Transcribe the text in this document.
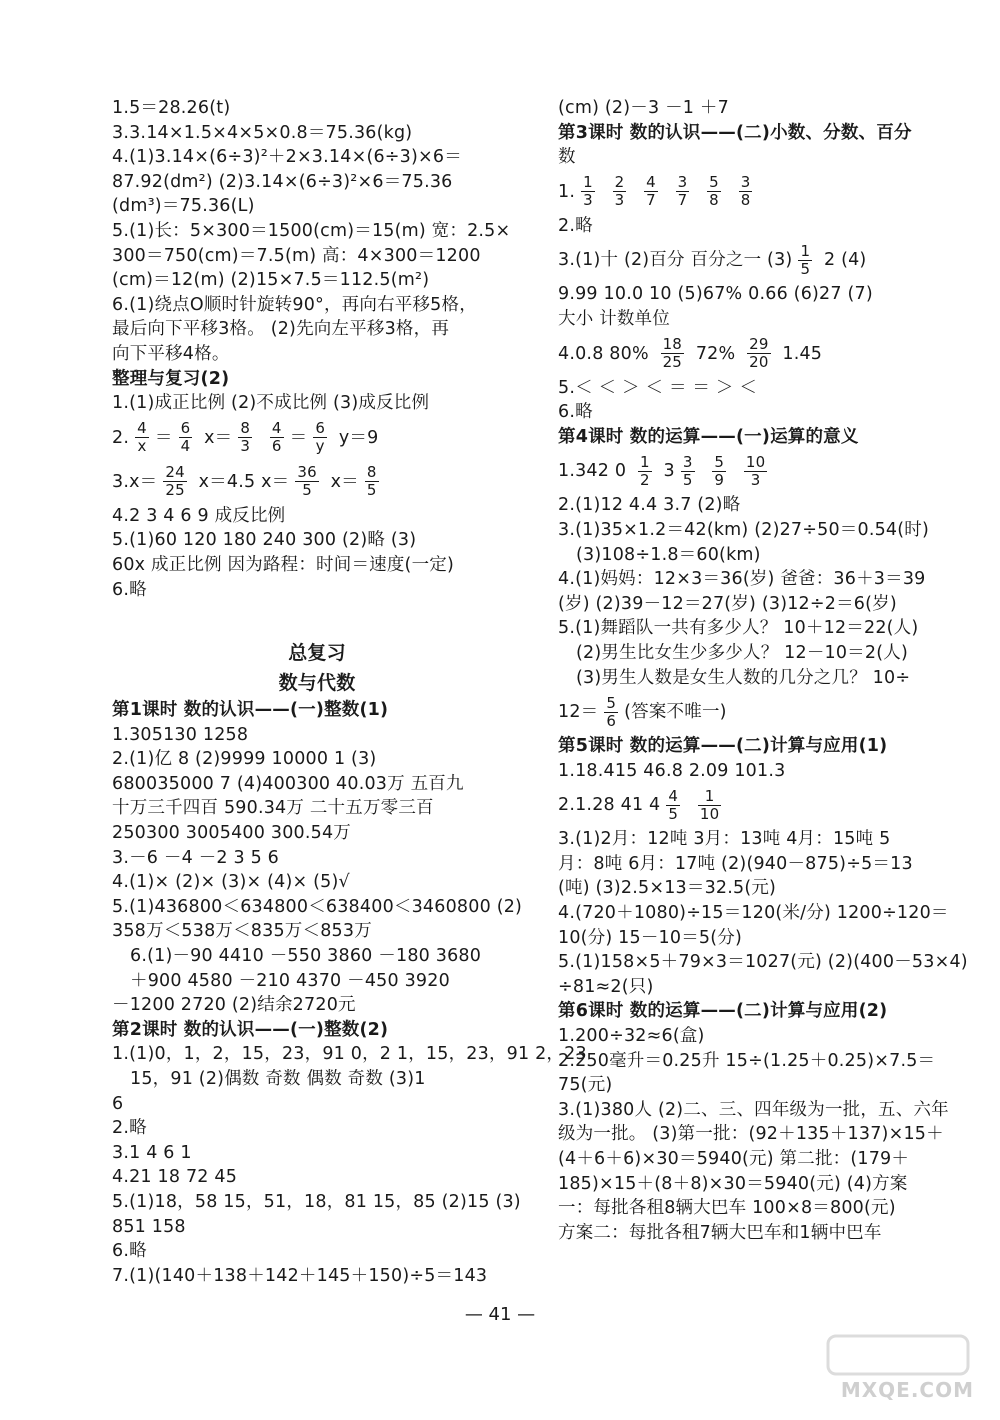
1.5＝28.26(t)
3.3.14×1.5×4×5×0.8＝75.36(kg)
4.(1)3.14×(6÷3)²＋2×3.14×(6÷3)×6＝
87.92(dm²) (2)3.14×(6÷3)²×6＝75.36
(dm³)＝75.36(L)
5.(1)长：5×300＝1500(cm)＝15(m) 宽：2.5×
300＝750(cm)＝7.5(m) 高：4×300＝1200
(cm)＝12(m) (2)15×7.5＝112.5(m²)
6.(1)绕点O顺时针旋转90°，再向右平移5格，
最后向下平移3格。 (2)先向左平移3格，再
向下平移4格。
整理与复习(2)
1.(1)成正比例 (2)不成比例 (3)成反比例
2. $\frac{4}{x} = \frac{6}{4} x= \frac{8}{3}$
$\frac{4}{6} = \frac{6}{y} y=9$
$3.x= \frac{24}{25} x=4.5$ $x= \frac{36}{5} x= \frac{8}{5}$
4.2 3 4 6 9 成反比例
5.(1)60 120 180 240 300 (2)略 (3)
60x 成正比例 因为路程：时间＝速度(一定)
6.略
总复习
数与代数
第1课时 数的认识——(一)整数(1)
1.305130 1258
2.(1)亿 8 (2)9999 10000 1 (3)
680035000 7 (4)400300 40.03万 五百九
十万三千四百 590.34万 二十五万零三百
250300 3005400 300.54万
3.－6 －4 －2 3 5 6
4.(1)× (2)× (3)× (4)× (5)√
5.(1)436800＜634800＜638400＜3460800 (2)
358万＜538万＜835万＜853万
6.(1)－90 4410 －550 3860 －180 3680
＋900 4580 －210 4370 －450 3920
－1200 2720 (2)结余2720元
第2课时 数的认识——(一)整数(2)
1.(1)0，1，2，15，23，91 0，2 1，15，23，91 2，23
15，91 (2)偶数 奇数 偶数 奇数 (3)1
6
2.略
3.1 4 6 1
4.21 18 72 45
5.(1)18，58 15，51，18，81 15，85 (2)15 (3)
851 158
6.略
7.(1)(140＋138＋142＋145＋150)÷5＝143
(cm) (2)－3 －1 ＋7
第3课时 数的认识——(二)小数、分数、百分
数
1. $\frac{1}{3}$
$\frac{2}{3}$
$\frac{4}{7}$
$\frac{3}{7}$
$\frac{5}{8}$
$\frac{3}{8}$
2.略
3.(1)十 (2)百分 百分之一 $(3) \frac{1}{5} 2$ (4)
9.99 10.0 10 (5)67% 0.66 (6)27 (7)
大小 计数单位
4.0.8 $80\% \frac{18}{25} 72\% \frac{29}{20} 1.45$
5.＜ ＜ ＞ ＜ ＝ ＝ ＞ ＜
6.略
第4课时 数的运算——(一)运算的意义
1.342 $0 \frac{1}{2} 3 \frac{3}{5}$
$\frac{5}{9}$
$\frac{10}{3}$
2.(1)12 4.4 3.7 (2)略
3.(1)35×1.2＝42(km) (2)27÷50＝0.54(时)
(3)108÷1.8＝60(km)
4.(1)妈妈：12×3＝36(岁) 爸爸：36＋3＝39
(岁) (2)39－12＝27(岁) (3)12÷2＝6(岁)
5.(1)舞蹈队一共有多少人？ 10＋12＝22(人)
(2)男生比女生少多少人？ 12－10＝2(人)
(3)男生人数是女生人数的几分之几？ 10÷
$12= \frac{5}{6}$ (答案不唯一)
第5课时 数的运算——(二)计算与应用(1)
1.18.415 46.8 2.09 101.3
2.1.28 41 $4 \frac{4}{5}$
$\frac{1}{10}$
3.(1)2月：12吨 3月：13吨 4月：15吨 5
月：8吨 6月：17吨 (2)(940－875)÷5＝13
(吨) (3)2.5×13＝32.5(元)
4.(720＋1080)÷15＝120(米/分) 1200÷120＝
10(分) 15－10＝5(分)
5.(1)158×5＋79×3＝1027(元) (2)(400－53×4)
÷81≈2(只)
第6课时 数的运算——(二)计算与应用(2)
1.200÷32≈6(盒)
2.250毫升＝0.25升 15÷(1.25＋0.25)×7.5＝
75(元)
3.(1)380人 (2)二、三、四年级为一批，五、六年
级为一批。 (3)第一批：(92＋135＋137)×15＋
(4＋6＋6)×30＝5940(元) 第二批：(179＋
185)×15＋(8＋8)×30＝5940(元) (4)方案
一：每批各租8辆大巴车 100×8＝800(元)
方案二：每批各租7辆大巴车和1辆中巴车
— 41 —
MXQE.COM
